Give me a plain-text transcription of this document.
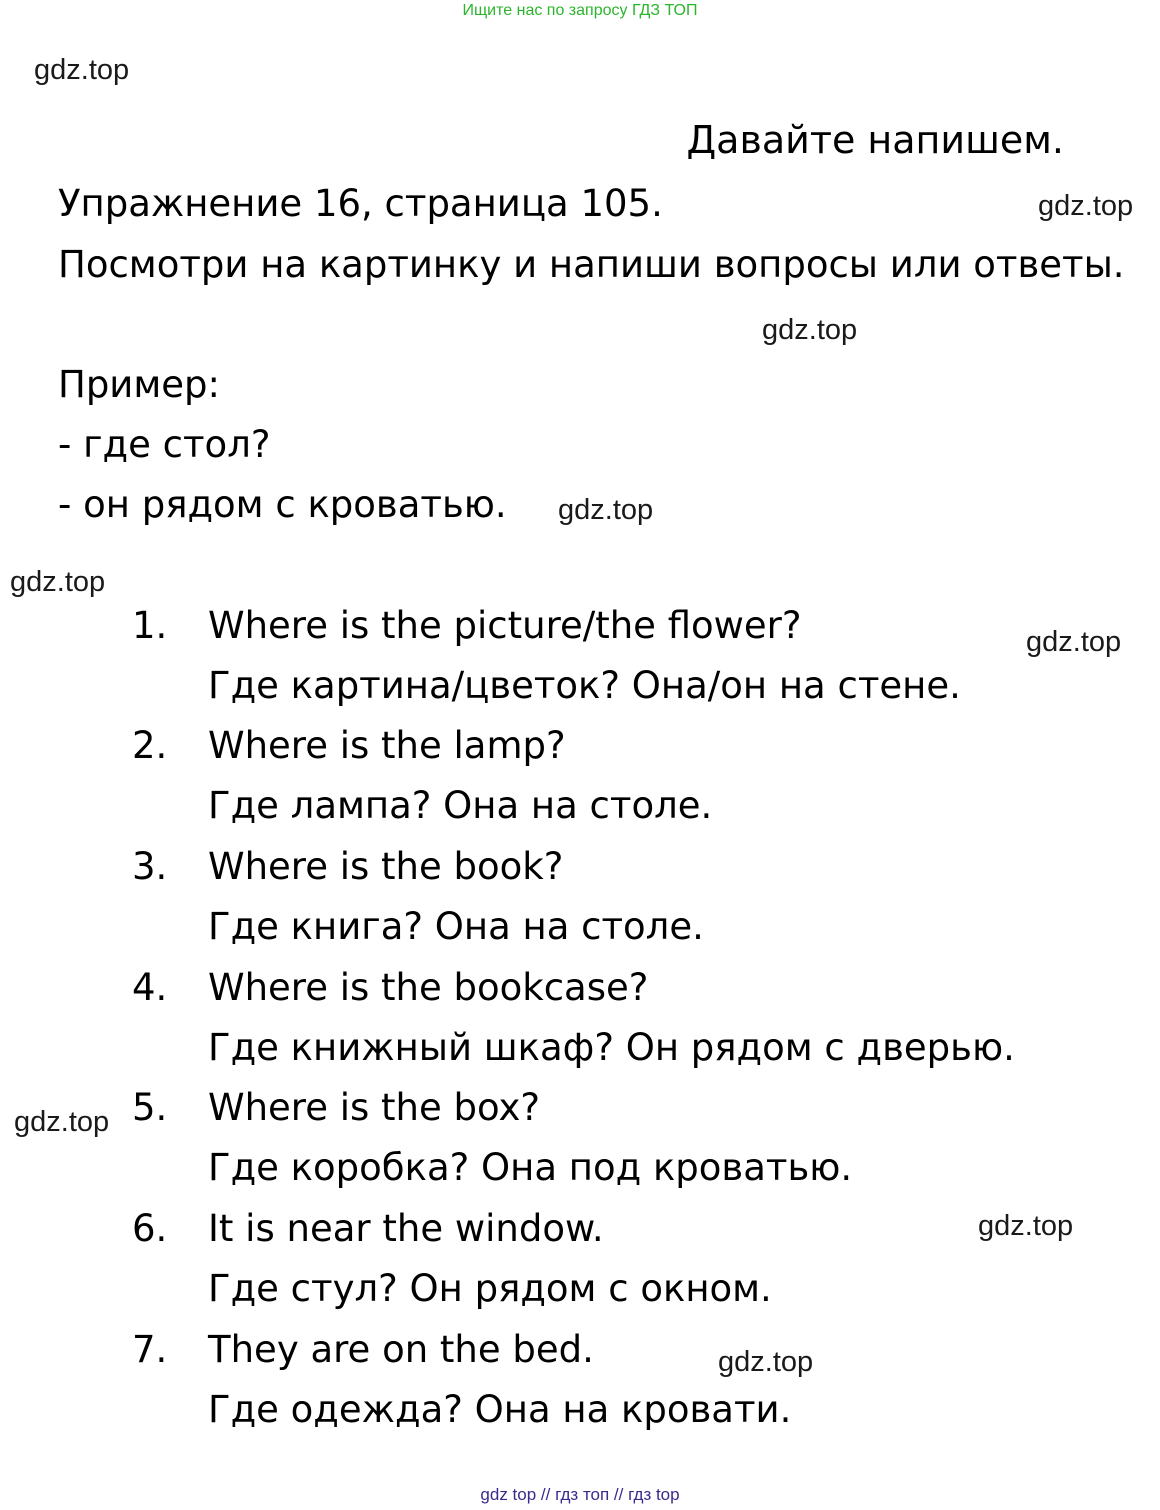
Ищите нас по запросу ГДЗ ТОП
gdz.top
gdz.top
gdz.top
gdz.top
gdz.top
gdz.top
gdz.top
gdz.top
gdz.top
Давайте напишем.
Упражнение 16, страница 105.
Посмотри на картинку и напиши вопросы или ответы.
Пример:
- где стол?
- он рядом с кроватью.
1. Where is the picture/the flower?
Где картина/цветок? Она/он на стене.
2. Where is the lamp?
Где лампа? Она на столе.
3. Where is the book?
Где книга? Она на столе.
4. Where is the bookcase?
Где книжный шкаф? Он рядом с дверью.
5. Where is the box?
Где коробка? Она под кроватью.
6. It is near the window.
Где стул? Он рядом с окном.
7. They are on the bed.
Где одежда? Она на кровати.
gdz top // гдз топ // гдз top
